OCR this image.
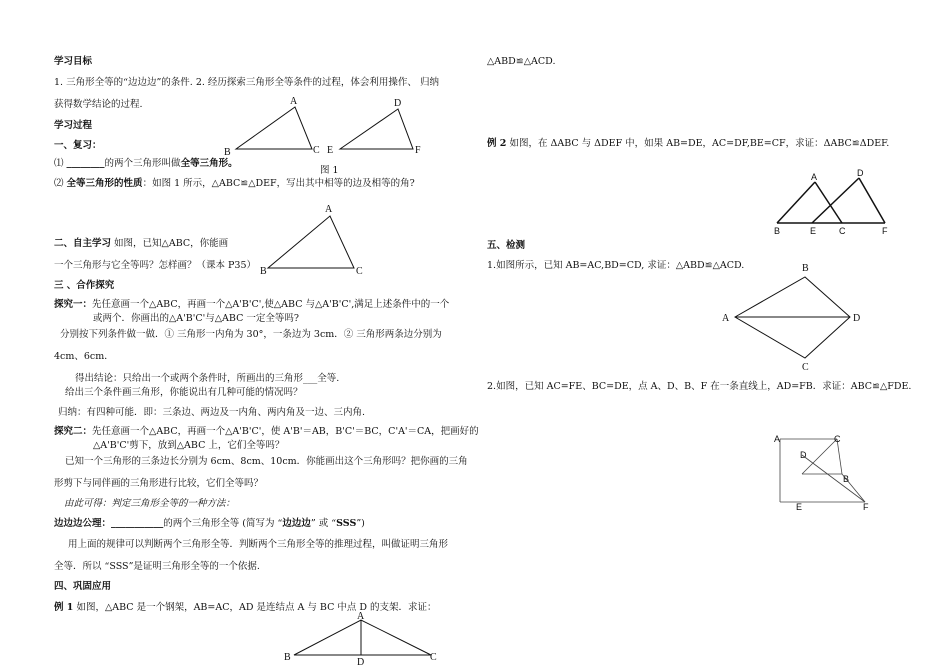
学习目标
1. 三角形全等的“边边边”的条件. 2. 经历探索三角形全等条件的过程，体会利用操作、 归纳
获得数学结论的过程.
学习过程
一、复习：
⑴ ________的两个三角形叫做全等三角形。
图 1
⑵ 全等三角形的性质：如图 1 所示，△ABC≌△DEF，写出其中相等的边及相等的角?
A
B	C
D
E	F
二、自主学习 如图，已知△ABC，你能画
一个三角形与它全等吗？怎样画？（课本 P35）
A
B	C
三 、合作探究
探究一：先任意画一个△ABC，再画一个△A'B'C',使△ABC 与△A'B'C',满足上述条件中的一个
或两个．你画出的△A'B'C'与△ABC 一定全等吗?
分别按下列条件做一做．① 三角形一内角为 30°，一条边为 3cm．② 三角形两条边分别为
4cm、6cm．
得出结论：只给出一个或两个条件时，所画出的三角形___全等.
给出三个条件画三角形，你能说出有几种可能的情况吗？
归纳：有四种可能．即：三条边、两边及一内角、两内角及一边、三内角.
探究二：先任意画一个△ABC，再画一个△A'B'C'，使 A'B'＝AB，B'C'＝BC，C'A'＝CA，把画好的
△A'B'C'剪下，放到△ABC 上，它们全等吗？
已知一个三角形的三条边长分别为 6cm、8cm、10cm．你能画出这个三角形吗？把你画的三角
形剪下与同伴画的三角形进行比较，它们全等吗？
由此可得：判定三角形全等的一种方法：
边边边公理：___________的两个三角形全等 (简写为 “边边边” 或 “SSS”)
用上面的规律可以判断两个三角形全等．判断两个三角形全等的推理过程，叫做证明三角形
全等．所以 “SSS”是证明三角形全等的一个依据.
四、巩固应用
例 1 如图，△ABC 是一个钢架，AB=AC，AD 是连结点 A 与 BC 中点 D 的支架．求证：
A
B	C
D
△ABD≌△ACD.
例 2 如图，在 ΔABC 与 ΔDEF 中，如果 AB=DE，AC=DF,BE=CF，求证：ΔABC≌ΔDEF.
A	D
B	E	C	F
五、检测
1.如图所示，已知 AB=AC,BD=CD, 求证：△ABD≌△ACD.
A
B
C
D
2.如图，已知 AC=FE、BC=DE，点 A、D、B、F 在一条直线上，AD=FB．求证：ABC≌△FDE.
A	C
D
B
E	F
